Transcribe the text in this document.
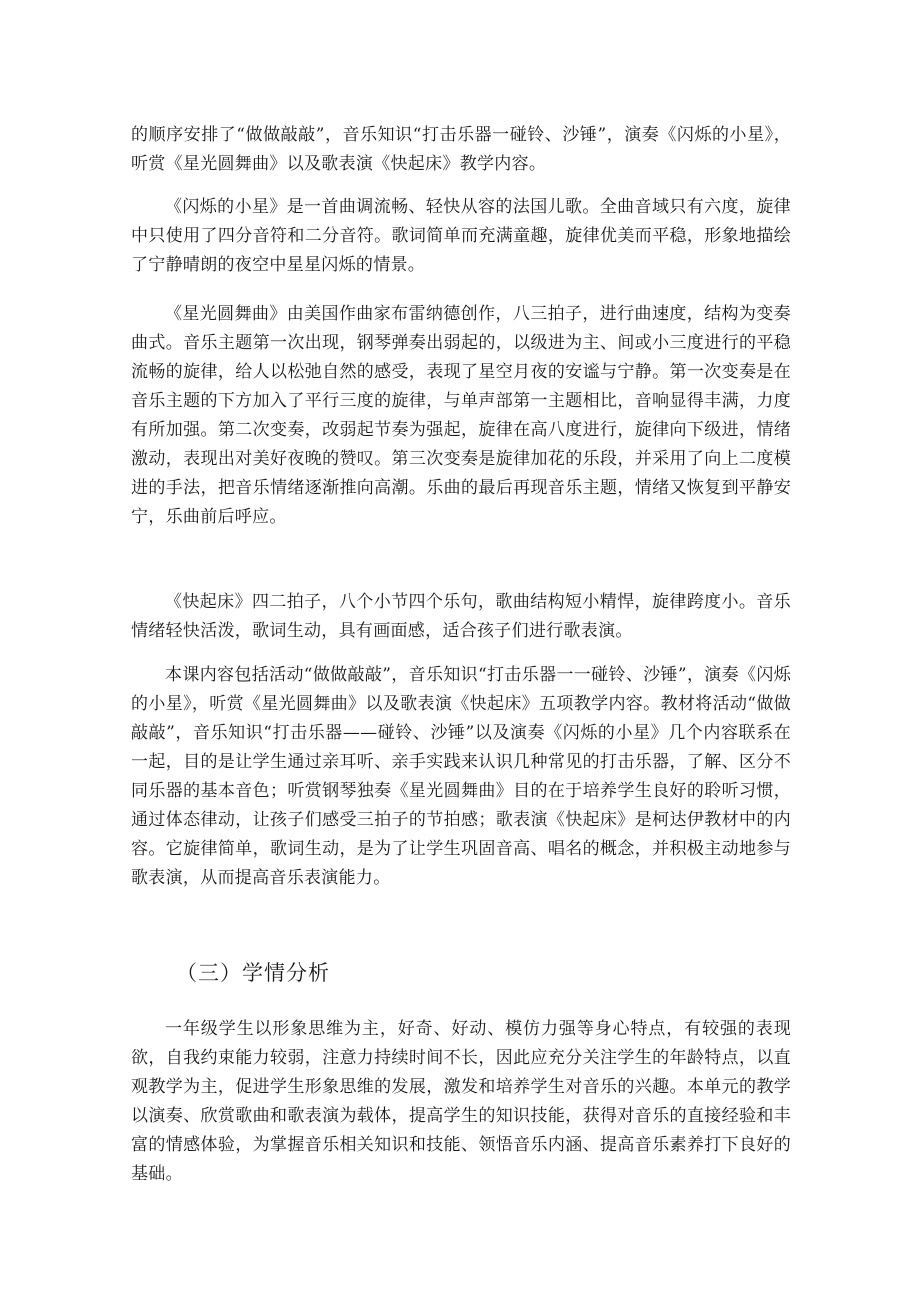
的顺序安排了“做做敲敲”，音乐知识“打击乐器一碰铃、沙锤”，演奏《闪烁的小星》，听赏《星光圆舞曲》以及歌表演《快起床》教学内容。

《闪烁的小星》是一首曲调流畅、轻快从容的法国儿歌。全曲音域只有六度，旋律中只使用了四分音符和二分音符。歌词简单而充满童趣，旋律优美而平稳，形象地描绘了宁静晴朗的夜空中星星闪烁的情景。

《星光圆舞曲》由美国作曲家布雷纳德创作，八三拍子，进行曲速度，结构为变奏曲式。音乐主题第一次出现，钢琴弹奏出弱起的，以级进为主、间或小三度进行的平稳流畅的旋律，给人以松弛自然的感受，表现了星空月夜的安谧与宁静。第一次变奏是在音乐主题的下方加入了平行三度的旋律，与单声部第一主题相比，音响显得丰满，力度有所加强。第二次变奏，改弱起节奏为强起，旋律在高八度进行，旋律向下级进，情绪激动，表现出对美好夜晚的赞叹。第三次变奏是旋律加花的乐段，并采用了向上二度模进的手法，把音乐情绪逐渐推向高潮。乐曲的最后再现音乐主题，情绪又恢复到平静安宁，乐曲前后呼应。

《快起床》四二拍子，八个小节四个乐句，歌曲结构短小精悍，旋律跨度小。音乐情绪轻快活泼，歌词生动，具有画面感，适合孩子们进行歌表演。

本课内容包括活动“做做敲敲”，音乐知识“打击乐器一一碰铃、沙锤”，演奏《闪烁的小星》，听赏《星光圆舞曲》以及歌表演《快起床》五项教学内容。教材将活动“做做敲敲”，音乐知识“打击乐器——碰铃、沙锤”以及演奏《闪烁的小星》几个内容联系在一起，目的是让学生通过亲耳听、亲手实践来认识几种常见的打击乐器，了解、区分不同乐器的基本音色；听赏钢琴独奏《星光圆舞曲》目的在于培养学生良好的聆听习惯，通过体态律动，让孩子们感受三拍子的节拍感；歌表演《快起床》是柯达伊教材中的内容。它旋律简单，歌词生动，是为了让学生巩固音高、唱名的概念，并积极主动地参与歌表演，从而提高音乐表演能力。

（三）学情分析

一年级学生以形象思维为主，好奇、好动、模仿力强等身心特点，有较强的表现欲，自我约束能力较弱，注意力持续时间不长，因此应充分关注学生的年龄特点，以直观教学为主，促进学生形象思维的发展，激发和培养学生对音乐的兴趣。本单元的教学以演奏、欣赏歌曲和歌表演为载体，提高学生的知识技能，获得对音乐的直接经验和丰富的情感体验，为掌握音乐相关知识和技能、领悟音乐内涵、提高音乐素养打下良好的基础。
